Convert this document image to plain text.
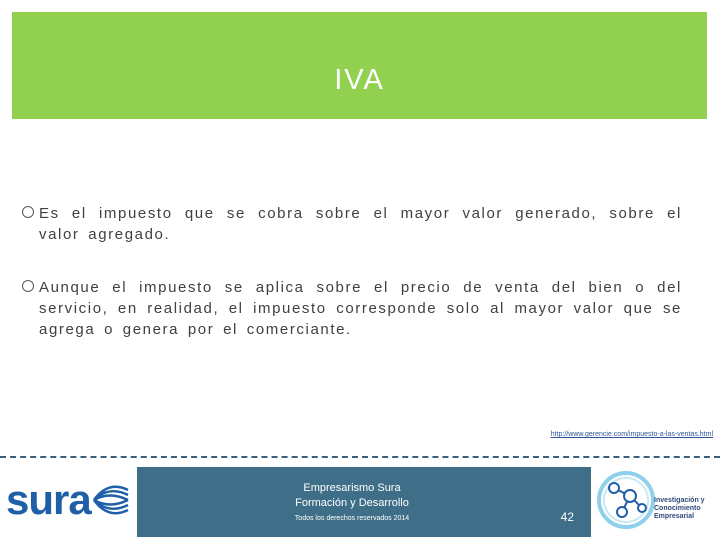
IVA
Es el impuesto que se cobra sobre el mayor valor generado, sobre el valor agregado.
Aunque el impuesto se aplica sobre el precio de venta del bien o del servicio, en realidad, el impuesto corresponde solo al mayor valor que se agrega o genera por el comerciante.
http://www.gerencie.com/impuesto-a-las-ventas.html
sura	Empresarismo Sura
Formación y Desarrollo
Todos los derechos reservados 2014	42
Investigación y
Conocimiento
Empresarial
